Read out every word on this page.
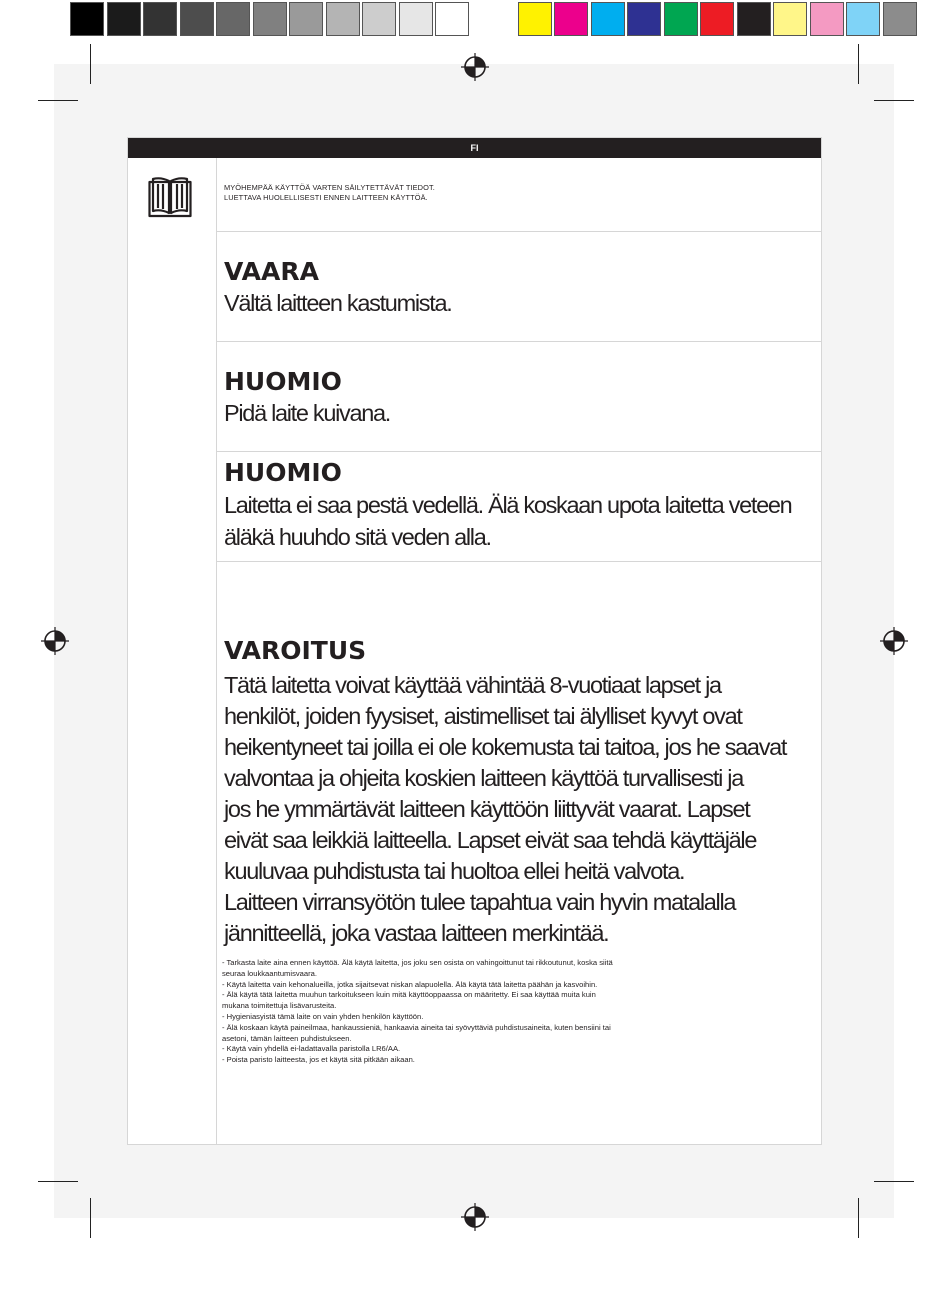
FI
MYÖHEMPÄÄ KÄYTTÖÄ VARTEN SÄILYTETTÄVÄT TIEDOT.
LUETTAVA HUOLELLISESTI ENNEN LAITTEEN KÄYTTÖÄ.
VAARA

Vältä laitteen kastumista.

HUOMIO

Pidä laite kuivana.

HUOMIO

Laitetta ei saa pestä vedellä. Älä koskaan upota laitetta veteen

äläkä huuhdo sitä veden alla.

VAROITUS

Tätä laitetta voivat käyttää vähintää 8-vuotiaat lapset ja

henkilöt, joiden fyysiset, aistimelliset tai älylliset kyvyt ovat

heikentyneet tai joilla ei ole kokemusta tai taitoa, jos he saavat

valvontaa ja ohjeita koskien laitteen käyttöä turvallisesti ja

jos he ymmärtävät laitteen käyttöön liittyvät vaarat. Lapset

eivät saa leikkiä laitteella. Lapset eivät saa tehdä käyttäjäle

kuuluvaa puhdistusta tai huoltoa ellei heitä valvota.

Laitteen virransyötön tulee tapahtua vain hyvin matalalla

jännitteellä, joka vastaa laitteen merkintää.

- Tarkasta laite aina ennen käyttöä. Älä käytä laitetta, jos joku sen osista on vahingoittunut tai rikkoutunut, koska siitä
seuraa loukkaantumisvaara.
- Käytä laitetta vain kehonalueilla, jotka sijaitsevat niskan alapuolella. Älä käytä tätä laitetta päähän ja kasvoihin.
- Älä käytä tätä laitetta muuhun tarkoitukseen kuin mitä käyttöoppaassa on määritetty. Ei saa käyttää muita kuin
mukana toimitettuja lisävarusteita.
- Hygieniasyistä tämä laite on vain yhden henkilön käyttöön.
- Älä koskaan käytä paineilmaa, hankaussieniä, hankaavia aineita tai syövyttäviä puhdistusaineita, kuten bensiini tai
asetoni, tämän laitteen puhdistukseen.
- Käytä vain yhdellä ei-ladattavalla paristolla LR6/AA.
- Poista paristo laitteesta, jos et käytä sitä pitkään aikaan.
